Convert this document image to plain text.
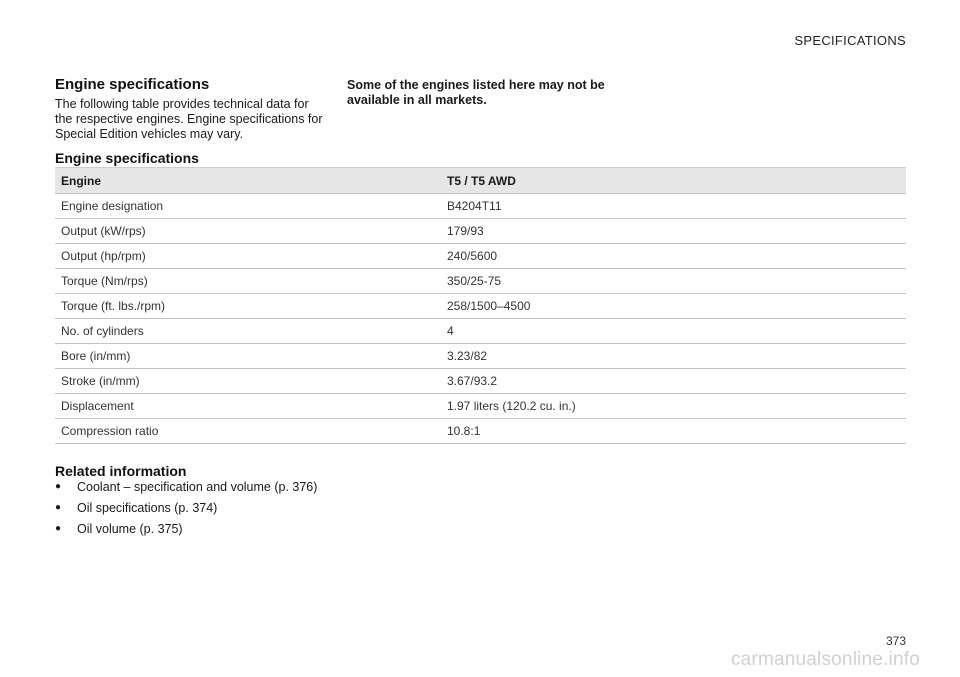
SPECIFICATIONS
Engine specifications

The following table provides technical data for the respective engines. Engine specifications for Special Edition vehicles may vary.

Some of the engines listed here may not be available in all markets.

Engine specifications
Engine	T5 / T5 AWD
Engine designation	B4204T11
Output (kW/rps)	179/93
Output (hp/rpm)	240/5600
Torque (Nm/rps)	350/25-75
Torque (ft. lbs./rpm)	258/1500–4500
No. of cylinders	4
Bore (in/mm)	3.23/82
Stroke (in/mm)	3.67/93.2
Displacement	1.97 liters (120.2 cu. in.)
Compression ratio	10.8:1
Related information
●	Coolant – specification and volume (p. 376)
●	Oil specifications (p. 374)
●	Oil volume (p. 375)
373
carmanualsonline.info
